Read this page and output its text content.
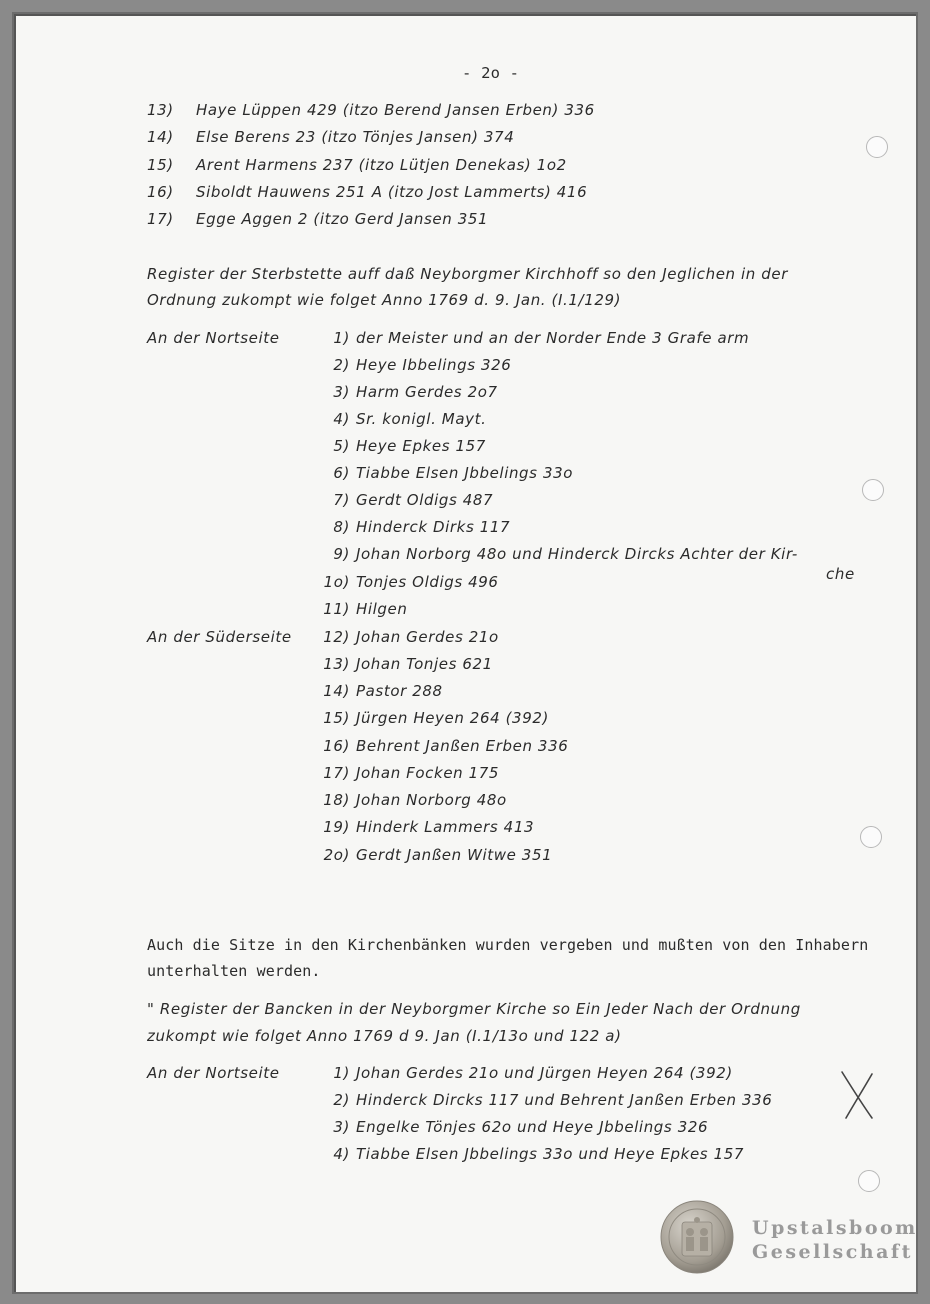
- 2o -
13) Haye Lüppen 429 (itzo Berend Jansen Erben) 336
14) Else Berens 23 (itzo Tönjes Jansen) 374
15) Arent Harmens 237 (itzo Lütjen Denekas) 1o2
16) Siboldt Hauwens 251 A (itzo Jost Lammerts) 416
17) Egge Aggen 2 (itzo Gerd Jansen 351
Register der Sterbstette auff daß Neyborgmer Kirchhoff so den Jeglichen in der
Ordnung zukompt wie folget Anno 1769 d. 9. Jan. (I.1/129)
An der Nortseite
An der Süderseite
1) der Meister und an der Norder Ende 3 Grafe arm
2) Heye Ibbelings 326
3) Harm Gerdes 2o7
4) Sr. konigl. Mayt.
5) Heye Epkes 157
6) Tiabbe Elsen Jbbelings 33o
7) Gerdt Oldigs 487
8) Hinderck Dirks 117
9) Johan Norborg 48o und Hinderck Dircks Achter der Kir-
che
1o) Tonjes Oldigs 496
11) Hilgen
12) Johan Gerdes 21o
13) Johan Tonjes 621
14) Pastor 288
15) Jürgen Heyen 264 (392)
16) Behrent Janßen Erben 336
17) Johan Focken 175
18) Johan Norborg 48o
19) Hinderk Lammers 413
2o) Gerdt Janßen Witwe 351
Auch die Sitze in den Kirchenbänken wurden vergeben und mußten von den Inhabern
unterhalten werden.
" Register der Bancken in der Neyborgmer Kirche so Ein Jeder Nach der Ordnung
zukompt wie folget Anno 1769 d 9. Jan (I.1/13o und 122 a)
An der Nortseite	1) Johan Gerdes 21o und Jürgen Heyen 264 (392)
2) Hinderck Dircks 117 und Behrent Janßen Erben 336
3) Engelke Tönjes 62o und Heye Jbbelings 326
4) Tiabbe Elsen Jbbelings 33o und Heye Epkes 157
Upstalsboom
Gesellschaft
